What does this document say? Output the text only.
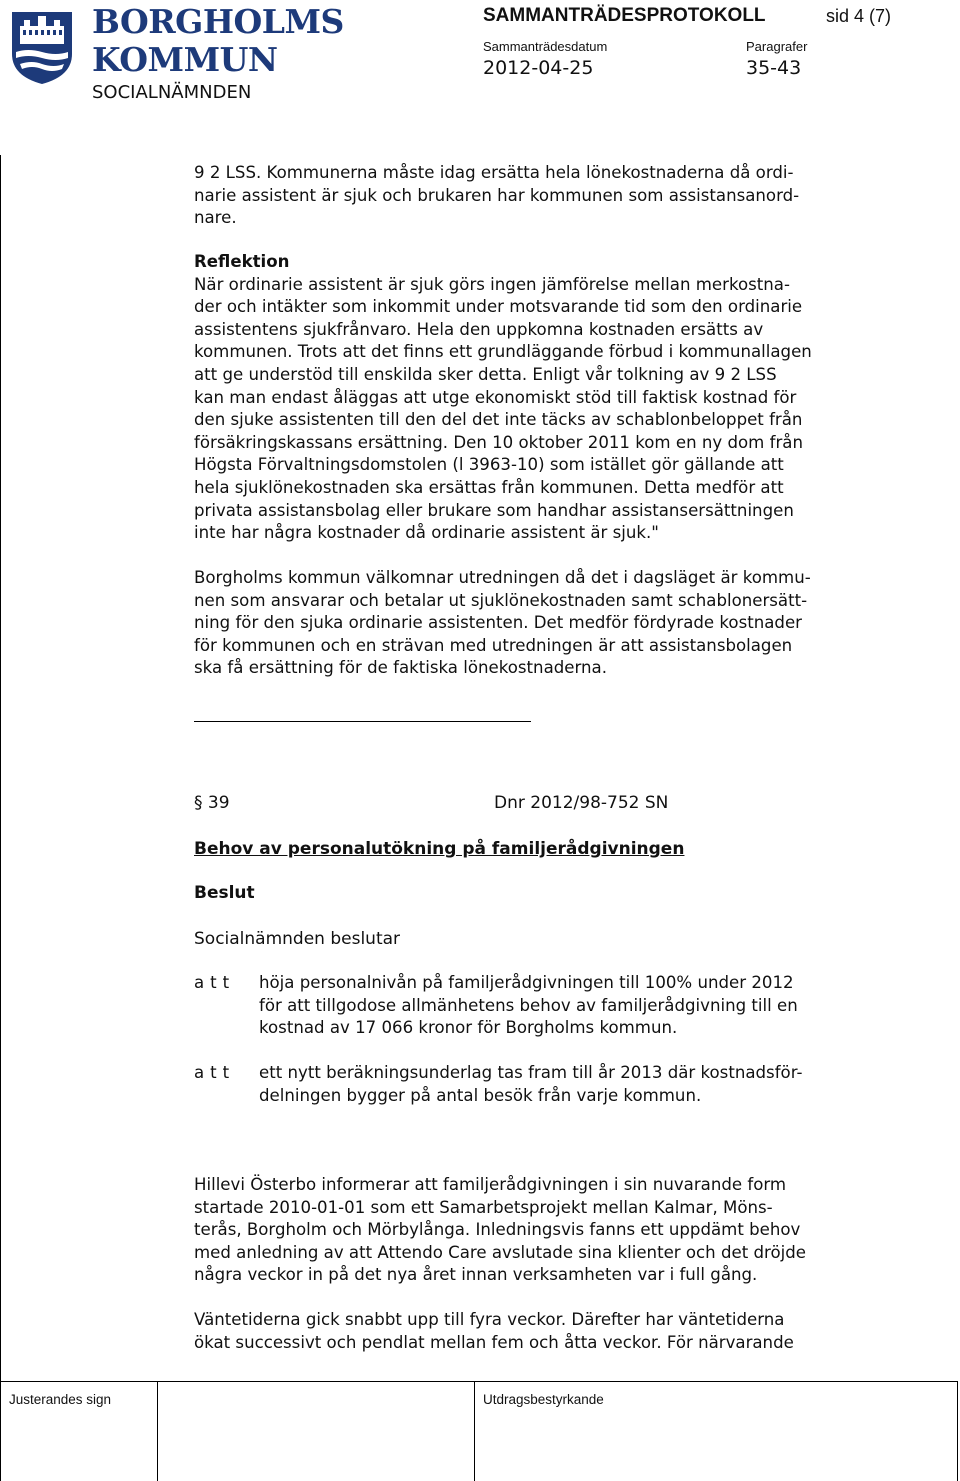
BORGHOLMS
KOMMUN
SOCIALNÄMNDEN
SAMMANTRÄDESPROTOKOLL	sid 4 (7)
Sammanträdesdatum
2012-04-25
Paragrafer
35-43
9 2 LSS. Kommunerna måste idag ersätta hela lönekostnaderna då ordi-
narie assistent är sjuk och brukaren har kommunen som assistansanord-
nare.
Reflektion
När ordinarie assistent är sjuk görs ingen jämförelse mellan merkostna-
der och intäkter som inkommit under motsvarande tid som den ordinarie
assistentens sjukfrånvaro. Hela den uppkomna kostnaden ersätts av
kommunen. Trots att det finns ett grundläggande förbud i kommunallagen
att ge understöd till enskilda sker detta. Enligt vår tolkning av 9 2 LSS
kan man endast åläggas att utge ekonomiskt stöd till faktisk kostnad för
den sjuke assistenten till den del det inte täcks av schablonbeloppet från
försäkringskassans ersättning. Den 10 oktober 2011 kom en ny dom från
Högsta Förvaltningsdomstolen (l 3963-10) som istället gör gällande att
hela sjuklönekostnaden ska ersättas från kommunen. Detta medför att
privata assistansbolag eller brukare som handhar assistansersättningen
inte har några kostnader då ordinarie assistent är sjuk."
Borgholms kommun välkomnar utredningen då det i dagsläget är kommu-
nen som ansvarar och betalar ut sjuklönekostnaden samt schablonersätt-
ning för den sjuka ordinarie assistenten. Det medför fördyrade kostnader
för kommunen och en strävan med utredningen är att assistansbolagen
ska få ersättning för de faktiska lönekostnaderna.
§ 39	Dnr 2012/98-752 SN
Behov av personalutökning på familjerådgivningen
Beslut
Socialnämnden beslutar
att höja personalnivån på familjerådgivningen till 100% under 2012
för att tillgodose allmänhetens behov av familjerådgivning till en
kostnad av 17 066 kronor för Borgholms kommun.
att ett nytt beräkningsunderlag tas fram till år 2013 där kostnadsför-
delningen bygger på antal besök från varje kommun.
Hillevi Österbo informerar att familjerådgivningen i sin nuvarande form
startade 2010-01-01 som ett Samarbetsprojekt mellan Kalmar, Möns-
terås, Borgholm och Mörbylånga. Inledningsvis fanns ett uppdämt behov
med anledning av att Attendo Care avslutade sina klienter och det dröjde
några veckor in på det nya året innan verksamheten var i full gång.
Väntetiderna gick snabbt upp till fyra veckor. Därefter har väntetiderna
ökat successivt och pendlat mellan fem och åtta veckor. För närvarande
Justerandes sign	Utdragsbestyrkande
